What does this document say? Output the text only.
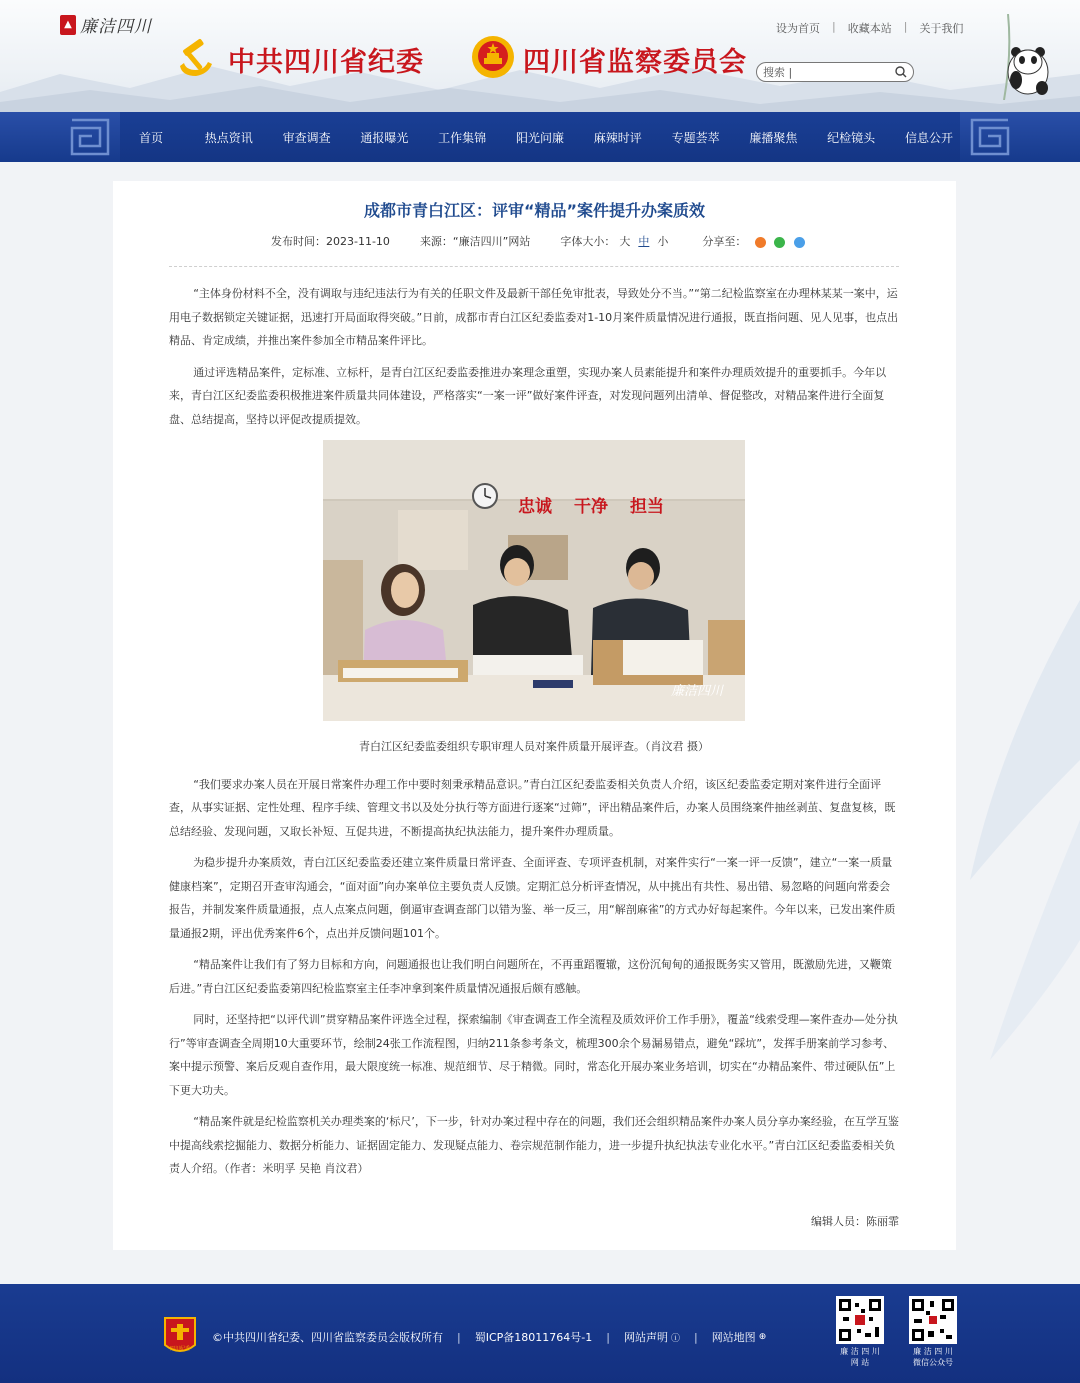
▲ 廉洁四川
中共四川省纪委	四川省监察委员会
设为首页 | 收藏本站 | 关于我们
搜索 |
首页	热点资讯	审查调查	通报曝光	工作集锦	阳光问廉	麻辣时评	专题荟萃	廉播聚焦	纪检镜头	信息公开
成都市青白江区：评审“精品”案件提升办案质效
发布时间：2023-11-10	来源：“廉洁四川”网站	字体大小： 大 中 小	分享至：

“主体身份材料不全，没有调取与违纪违法行为有关的任职文件及最新干部任免审批表，导致处分不当。”“第二纪检监察室在办理林某某一案中，运用电子数据锁定关键证据，迅速打开局面取得突破。”日前，成都市青白江区纪委监委对1-10月案件质量情况进行通报，既直指问题、见人见事，也点出精品、肯定成绩，并推出案件参加全市精品案件评比。

通过评选精品案件，定标准、立标杆，是青白江区纪委监委推进办案理念重塑，实现办案人员素能提升和案件办理质效提升的重要抓手。今年以来，青白江区纪委监委积极推进案件质量共同体建设，严格落实“一案一评”做好案件评查，对发现问题列出清单、督促整改，对精品案件进行全面复盘、总结提高，坚持以评促改提质提效。

忠诚 干净 担当
廉洁四川

青白江区纪委监委组织专职审理人员对案件质量开展评查。（肖汶君 摄）

“我们要求办案人员在开展日常案件办理工作中要时刻秉承精品意识。”青白江区纪委监委相关负责人介绍，该区纪委监委定期对案件进行全面评查，从事实证据、定性处理、程序手续、管理文书以及处分执行等方面进行逐案“过筛”，评出精品案件后，办案人员围绕案件抽丝剥茧、复盘复核，既总结经验、发现问题，又取长补短、互促共进，不断提高执纪执法能力，提升案件办理质量。

为稳步提升办案质效，青白江区纪委监委还建立案件质量日常评查、全面评查、专项评查机制，对案件实行“一案一评一反馈”，建立“一案一质量健康档案”，定期召开查审沟通会，“面对面”向办案单位主要负责人反馈。定期汇总分析评查情况，从中挑出有共性、易出错、易忽略的问题向常委会报告，并制发案件质量通报，点人点案点问题，倒逼审查调查部门以错为鉴、举一反三，用“解剖麻雀”的方式办好每起案件。今年以来，已发出案件质量通报2期，评出优秀案件6个，点出并反馈问题101个。

“精品案件让我们有了努力目标和方向，问题通报也让我们明白问题所在，不再重蹈覆辙，这份沉甸甸的通报既务实又管用，既激励先进，又鞭策后进。”青白江区纪委监委第四纪检监察室主任李冲拿到案件质量情况通报后颇有感触。

同时，还坚持把“以评代训”贯穿精品案件评选全过程，探索编制《审查调查工作全流程及质效评价工作手册》，覆盖“线索受理—案件查办—处分执行”等审查调查全周期10大重要环节，绘制24张工作流程图，归纳211条参考条文，梳理300余个易漏易错点，避免“踩坑”，发挥手册案前学习参考、案中提示预警、案后反观自查作用，最大限度统一标准、规范细节、尽于精微。同时，常态化开展办案业务培训，切实在“办精品案件、带过硬队伍”上下更大功夫。

“精品案件就是纪检监察机关办理类案的‘标尺’，下一步，针对办案过程中存在的问题，我们还会组织精品案件办案人员分享办案经验，在互学互鉴中提高线索挖掘能力、数据分析能力、证据固定能力、发现疑点能力、卷宗规范制作能力，进一步提升执纪执法专业化水平。”青白江区纪委监委相关负责人介绍。（作者：米明孚 吴艳 肖汶君）

编辑人员：陈丽霏
四川纪委
©中共四川省纪委、四川省监察委员会版权所有 | 蜀ICP备18011764号-1 | 网站声明 ⓘ | 网站地图 ⊕
廉 洁 四 川
网 站
廉 洁 四 川
微信公众号
